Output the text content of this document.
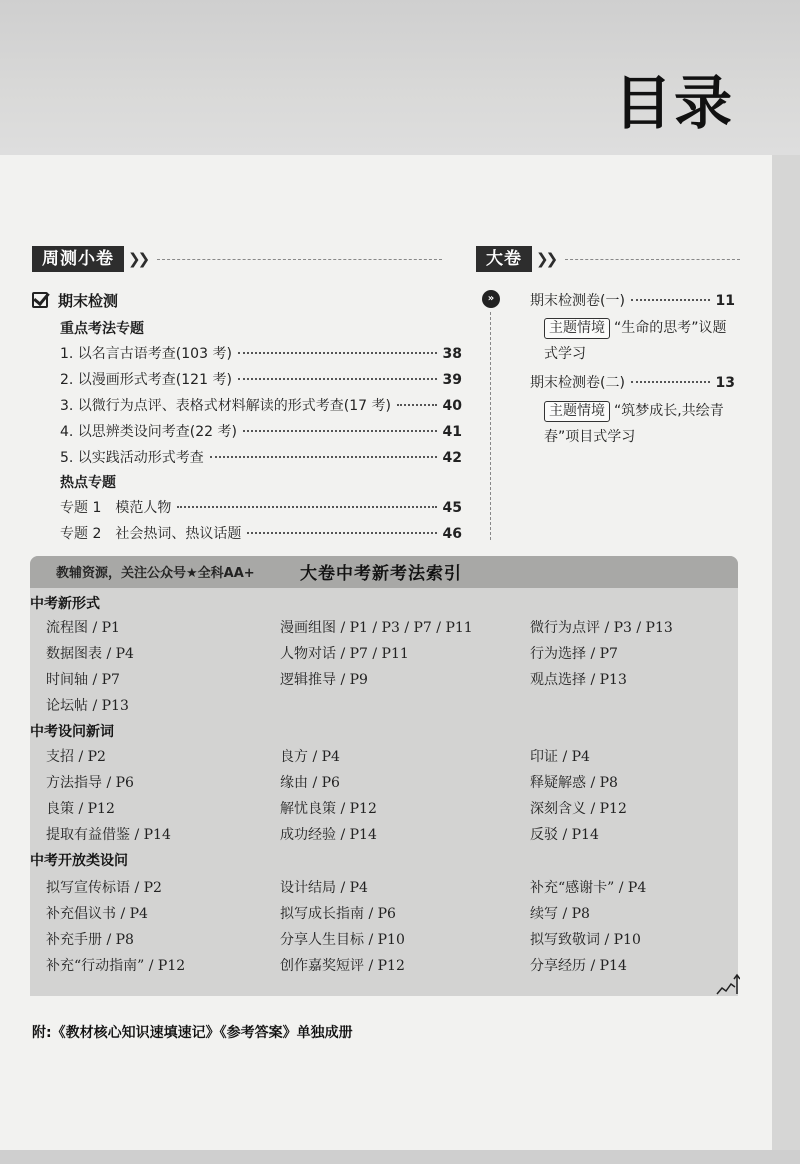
目录
周测小卷 ❯❯	大卷 ❯❯
期末检测
重点考法专题
1. 以名言古语考查(103 考)	38
2. 以漫画形式考查(121 考)	39
3. 以微行为点评、表格式材料解读的形式考查(17 考)	40
4. 以思辨类设问考查(22 考)	41
5. 以实践活动形式考查	42
热点专题
专题 1　模范人物	45
专题 2　社会热词、热议话题	46
»	期末检测卷(一)	11
主题情境 “生命的思考”议题式学习
期末检测卷(二)	13
主题情境 “筑梦成长,共绘青春”项目式学习
教辅资源，关注公众号★全科AA+	大卷中考新考法索引
中考新形式
流程图 / P1	漫画组图 / P1 / P3 / P7 / P11	微行为点评 / P3 / P13
数据图表 / P4	人物对话 / P7 / P11	行为选择 / P7
时间轴 / P7	逻辑推导 / P9	观点选择 / P13
论坛帖 / P13
中考设问新词
支招 / P2	良方 / P4	印证 / P4
方法指导 / P6	缘由 / P6	释疑解惑 / P8
良策 / P12	解忧良策 / P12	深刻含义 / P12
提取有益借鉴 / P14	成功经验 / P14	反驳 / P14
中考开放类设问
拟写宣传标语 / P2	设计结局 / P4	补充“感谢卡” / P4
补充倡议书 / P4	拟写成长指南 / P6	续写 / P8
补充手册 / P8	分享人生目标 / P10	拟写致敬词 / P10
补充“行动指南” / P12	创作嘉奖短评 / P12	分享经历 / P14
附:《教材核心知识速填速记》《参考答案》单独成册
